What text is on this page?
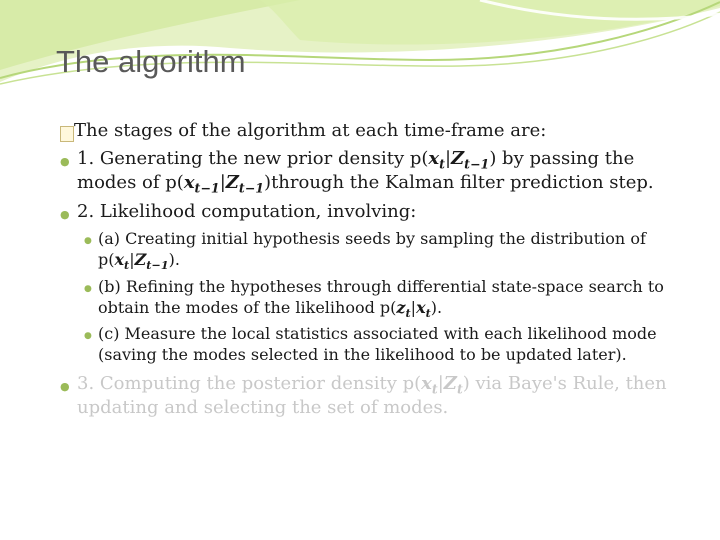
The algorithm
The stages of the algorithm at each time-frame are:
● 1. Generating the new prior density $p(x_t|Z_{t-1})$ by passing the
modes of $p(x_{t-1}|Z_{t-1})through$ the Kalman filter prediction step.
● 2. Likelihood computation, involving:
● (a) Creating initial hypothesis seeds by sampling the distribution of
$p(x_t|Z_{t-1})$.
● (b) Refining the hypotheses through differential state-space search to
obtain the modes of the likelihood $p(z_t|x_t)$.
● (c) Measure the local statistics associated with each likelihood mode
(saving the modes selected in the likelihood to be updated later).
● 3. Computing the posterior density $p(x_t|Z_t)$ via Baye's Rule, then
updating and selecting the set of modes.
